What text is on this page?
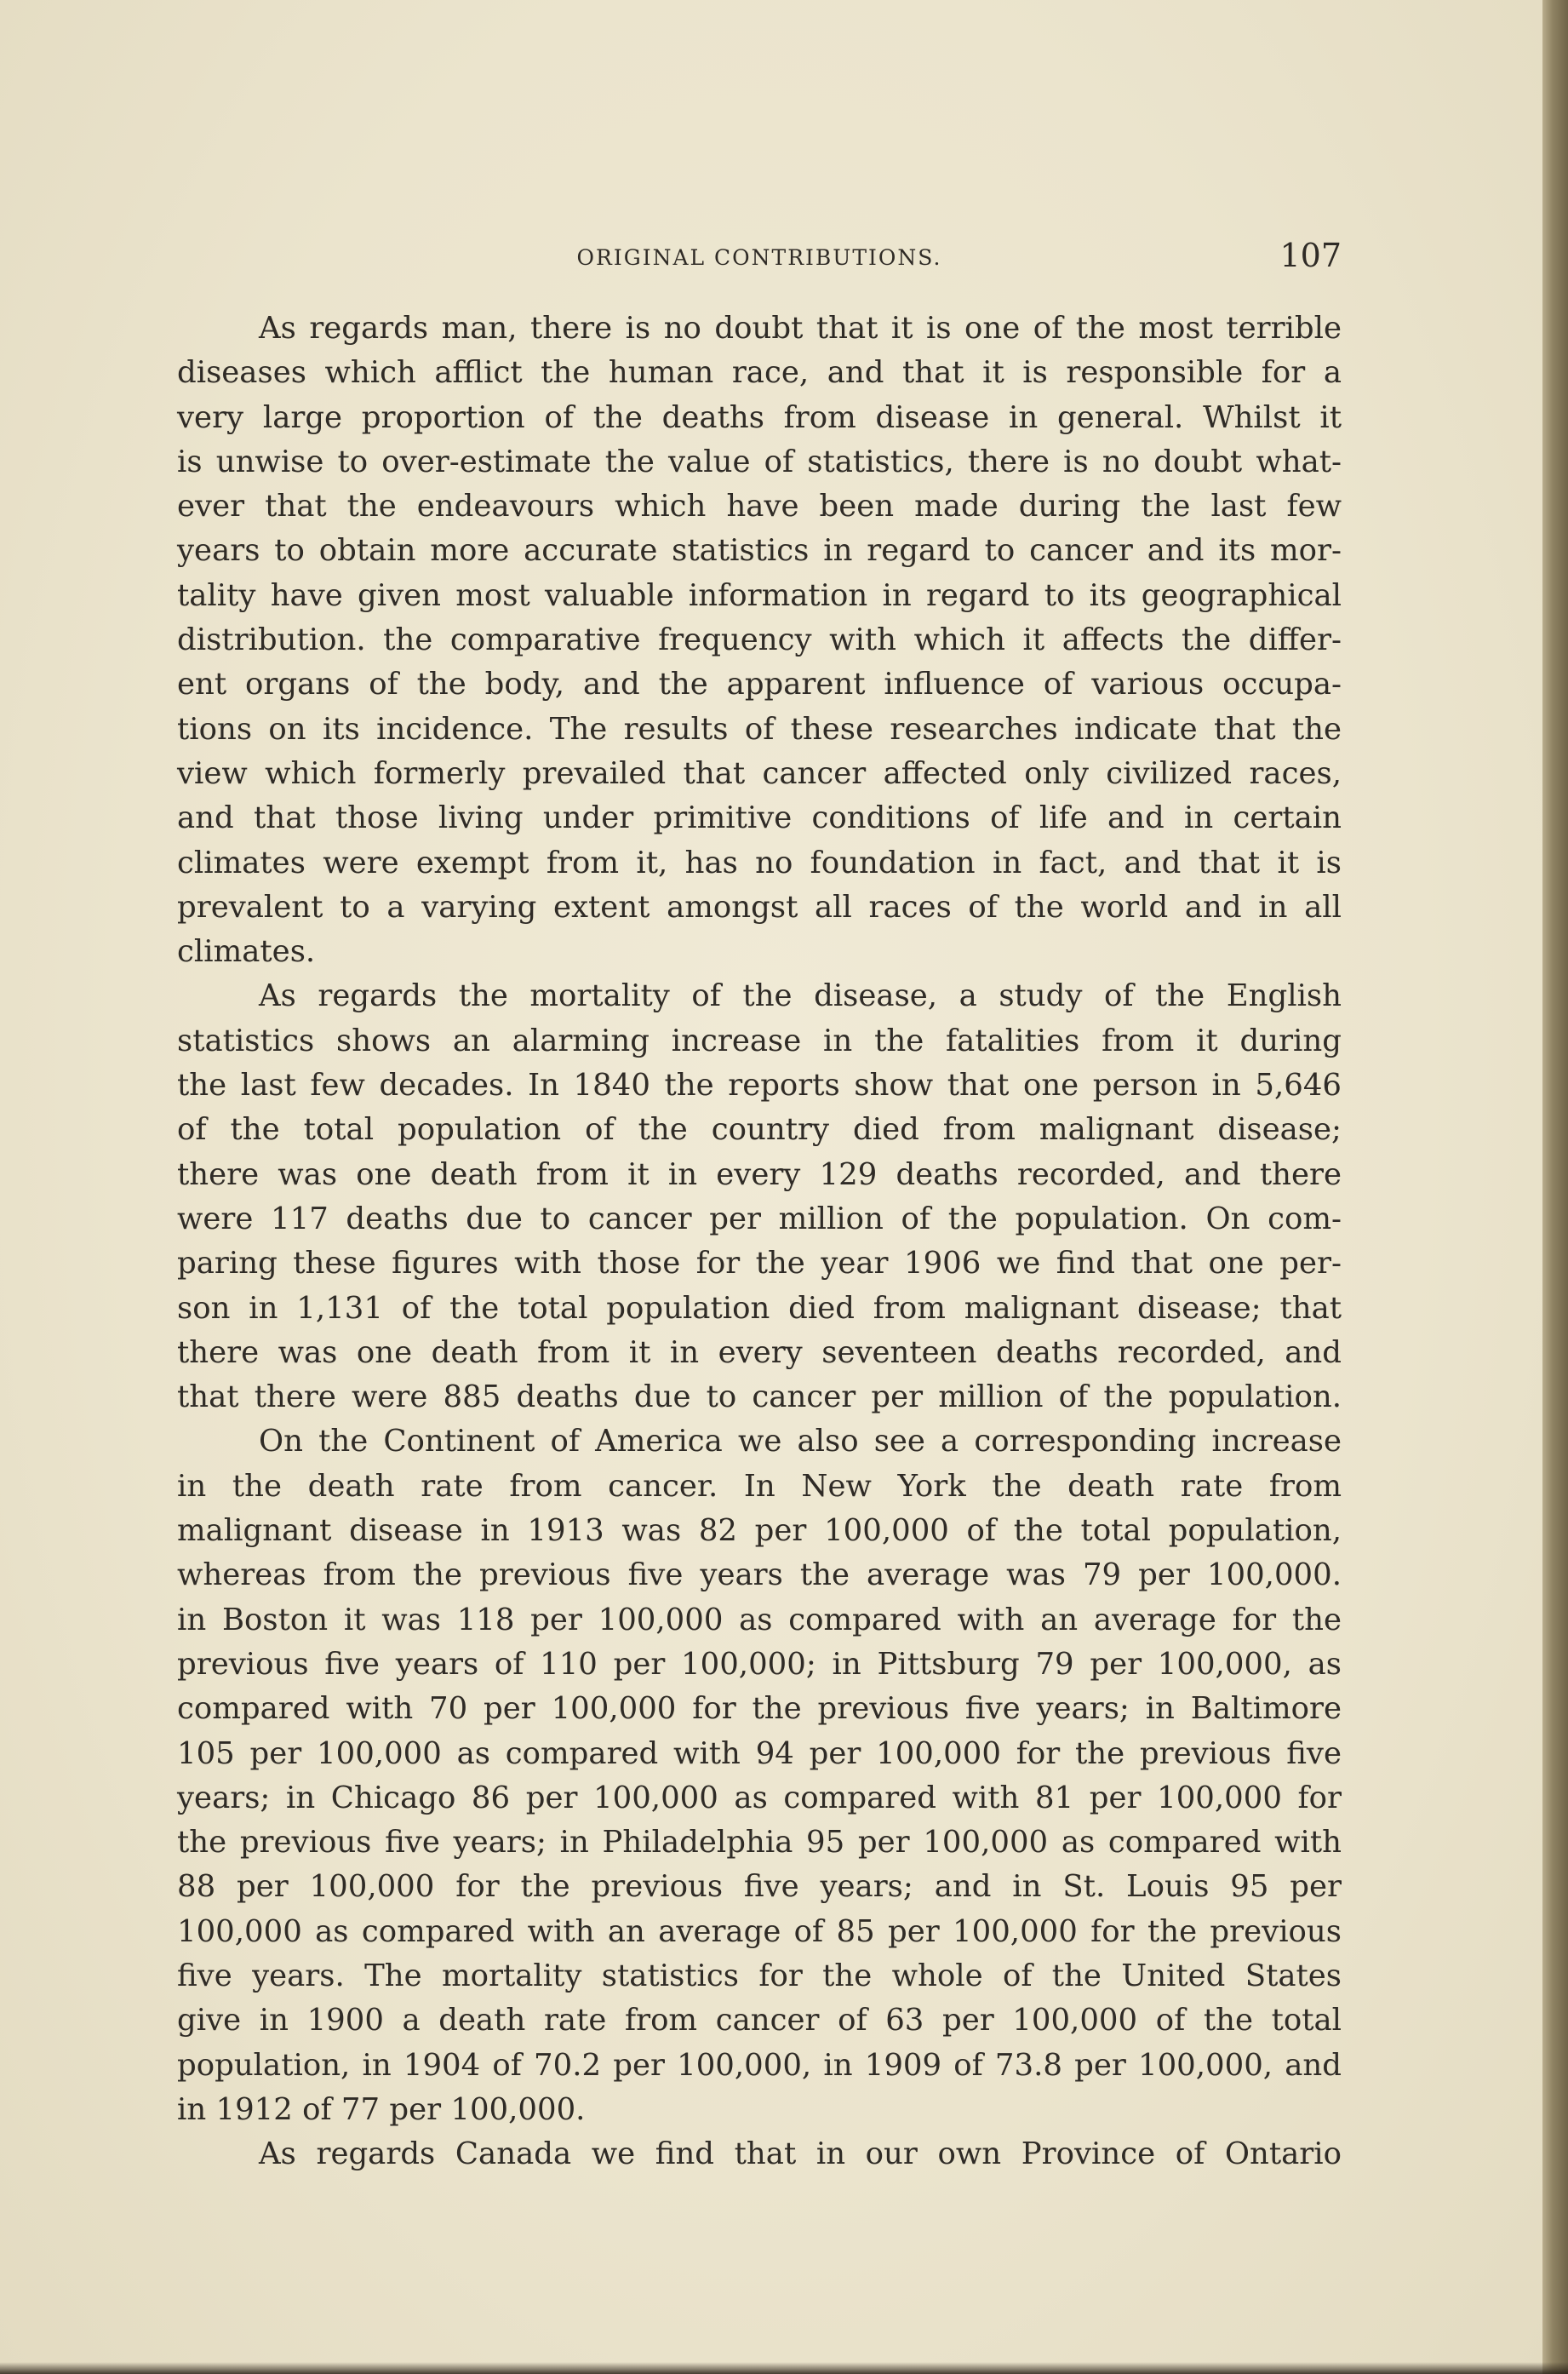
ORIGINAL CONTRIBUTIONS.	107
As regards man, there is no doubt that it is one of the most terrible
diseases which afflict the human race, and that it is responsible for a
very large proportion of the deaths from disease in general. Whilst it
is unwise to over-estimate the value of statistics, there is no doubt what-
ever that the endeavours which have been made during the last few
years to obtain more accurate statistics in regard to cancer and its mor-
tality have given most valuable information in regard to its geographical
distribution. the comparative frequency with which it affects the differ-
ent organs of the body, and the apparent influence of various occupa-
tions on its incidence. The results of these researches indicate that the
view which formerly prevailed that cancer affected only civilized races,
and that those living under primitive conditions of life and in certain
climates were exempt from it, has no foundation in fact, and that it is
prevalent to a varying extent amongst all races of the world and in all
climates.
As regards the mortality of the disease, a study of the English
statistics shows an alarming increase in the fatalities from it during
the last few decades. In 1840 the reports show that one person in 5,646
of the total population of the country died from malignant disease;
there was one death from it in every 129 deaths recorded, and there
were 117 deaths due to cancer per million of the population. On com-
paring these figures with those for the year 1906 we find that one per-
son in 1,131 of the total population died from malignant disease; that
there was one death from it in every seventeen deaths recorded, and
that there were 885 deaths due to cancer per million of the population.
On the Continent of America we also see a corresponding increase
in the death rate from cancer. In New York the death rate from
malignant disease in 1913 was 82 per 100,000 of the total population,
whereas from the previous five years the average was 79 per 100,000.
in Boston it was 118 per 100,000 as compared with an average for the
previous five years of 110 per 100,000; in Pittsburg 79 per 100,000, as
compared with 70 per 100,000 for the previous five years; in Baltimore
105 per 100,000 as compared with 94 per 100,000 for the previous five
years; in Chicago 86 per 100,000 as compared with 81 per 100,000 for
the previous five years; in Philadelphia 95 per 100,000 as compared with
88 per 100,000 for the previous five years; and in St. Louis 95 per
100,000 as compared with an average of 85 per 100,000 for the previous
five years. The mortality statistics for the whole of the United States
give in 1900 a death rate from cancer of 63 per 100,000 of the total
population, in 1904 of 70.2 per 100,000, in 1909 of 73.8 per 100,000, and
in 1912 of 77 per 100,000.
As regards Canada we find that in our own Province of Ontario
